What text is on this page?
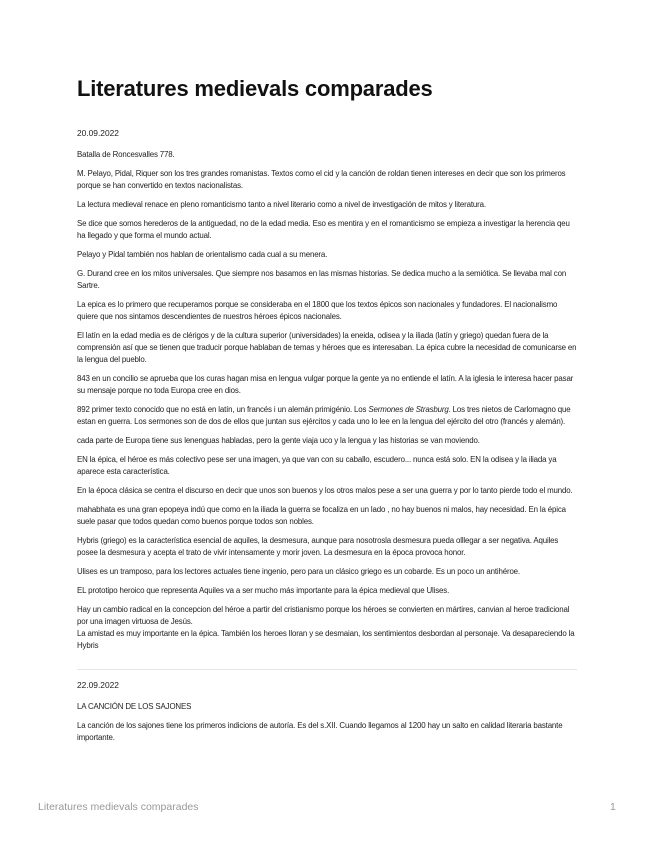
Literatures medievals comparades
20.09.2022

Batalla de Roncesvalles 778.

M. Pelayo, Pidal, Riquer son los tres grandes romanistas. Textos como el cid y la canción de roldan tienen intereses en decir que son los primeros porque se han convertido en textos nacionalistas.

La lectura medieval renace en pleno romanticismo tanto a nivel literario como a nivel de investigación de mitos y literatura.

Se dice que somos herederos de la antiguedad, no de la edad media. Eso es mentira y en el romanticismo se empieza a investigar la herencia qeu ha llegado y que forma el mundo actual.

Pelayo y Pidal también nos hablan de orientalismo cada cual a su menera.

G. Durand cree en los mitos universales. Que siempre nos basamos en las mismas historias. Se dedica mucho a la semiótica. Se llevaba mal con Sartre.

La epica es lo primero que recuperamos porque se consideraba en el 1800 que los textos épicos son nacionales y fundadores. El nacionalismo quiere que nos sintamos descendientes de nuestros héroes épicos nacionales.

El latín en la edad media es de clérigos y de la cultura superior (universidades) la eneida, odisea y la iliada (latín y griego) quedan fuera de la comprensión así que se tienen que traducir porque hablaban de temas y héroes que es interesaban. La épica cubre la necesidad de comunicarse en la lengua del pueblo.

843 en un concilio se aprueba que los curas hagan misa en lengua vulgar porque la gente ya no entiende el latín. A la iglesia le interesa hacer pasar su mensaje porque no toda Europa cree en dios.

892 primer texto conocido que no está en latín, un francés i un alemán primigénio. Los Sermones de Strasburg. Los tres nietos de Carlomagno que estan en guerra. Los sermones son de dos de ellos que juntan sus ejércitos y cada uno lo lee en la lengua del ejército del otro (francés y alemán).

cada parte de Europa tiene sus lenenguas habladas, pero la gente viaja uco y la lengua y las historias se van moviendo.

EN la épica, el héroe es más colectivo pese ser una imagen, ya que van con su caballo, escudero... nunca está solo. EN la odisea y la iliada ya aparece esta característica.

En la época clásica se centra el discurso en decir que unos son buenos y los otros malos pese a ser una guerra y por lo tanto pierde todo el mundo.

mahabhata es una gran epopeya indú que como en la iliada la guerra se focaliza en un lado , no hay buenos ni malos, hay necesidad. En la épica suele pasar que todos quedan como buenos porque todos son nobles.

Hybris (griego) es la característica esencial de aquiles, la desmesura, aunque para nosotrosla desmesura pueda olllegar a ser negativa. Aquiles posee la desmesura y acepta el trato de vivir intensamente y morir joven. La desmesura en la época provoca honor.

Ulises es un tramposo, para los lectores actuales tiene ingenio, pero para un clásico griego es un cobarde. Es un poco un antihéroe.

EL prototipo heroico que representa Aquiles va a ser mucho más importante para la épica medieval que Ulises.

Hay un cambio radical en la concepcion del héroe a partir del cristianismo porque los héroes se convierten en mártires, canvian al heroe tradicional por una imagen virtuosa de Jesús.

La amistad es muy importante en la épica. También los heroes lloran y se desmaian, los sentimientos desbordan al personaje. Va desapareciendo la Hybris

22.09.2022

LA CANCIÓN DE LOS SAJONES

La canción de los sajones tiene los primeros indicions de autoría. Es del s.XII. Cuando llegamos al 1200 hay un salto en calidad literaria bastante importante.

Literatures medievals comparades	1
